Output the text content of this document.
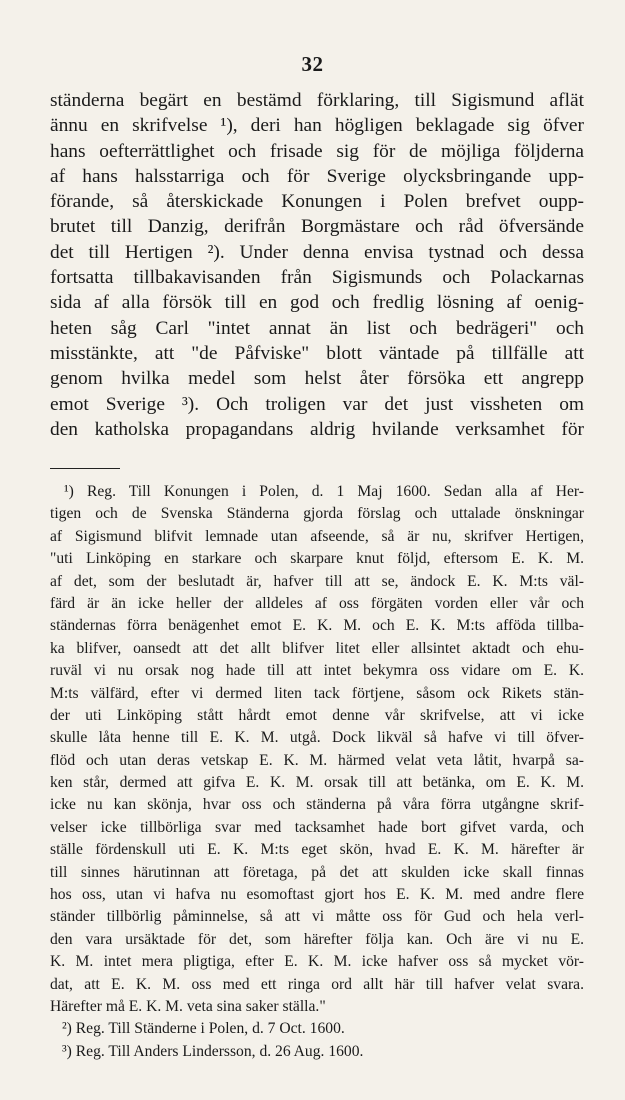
32
ständerna begärt en bestämd förklaring, till Sigismund aflät
ännu en skrifvelse ¹), deri han högligen beklagade sig öfver
hans oefterrättlighet och frisade sig för de möjliga följderna
af hans halsstarriga och för Sverige olycksbringande upp-
förande, så återskickade Konungen i Polen brefvet oupp-
brutet till Danzig, derifrån Borgmästare och råd öfversände
det till Hertigen ²). Under denna envisa tystnad och dessa
fortsatta tillbakavisanden från Sigismunds och Polackarnas
sida af alla försök till en god och fredlig lösning af oenig-
heten såg Carl "intet annat än list och bedrägeri" och
misstänkte, att "de Påfviske" blott väntade på tillfälle att
genom hvilka medel som helst åter försöka ett angrepp
emot Sverige ³). Och troligen var det just vissheten om
den katholska propagandans aldrig hvilande verksamhet för
¹) Reg. Till Konungen i Polen, d. 1 Maj 1600. Sedan alla af Her-
tigen och de Svenska Ständerna gjorda förslag och uttalade önskningar
af Sigismund blifvit lemnade utan afseende, så är nu, skrifver Hertigen,
"uti Linköping en starkare och skarpare knut följd, eftersom E. K. M.
af det, som der beslutadt är, hafver till att se, ändock E. K. M:ts väl-
färd är än icke heller der alldeles af oss förgäten vorden eller vår och
ständernas förra benägenhet emot E. K. M. och E. K. M:ts afföda tillba-
ka blifver, oansedt att det allt blifver litet eller allsintet aktadt och ehu-
ruväl vi nu orsak nog hade till att intet bekymra oss vidare om E. K.
M:ts välfärd, efter vi dermed liten tack förtjene, såsom ock Rikets stän-
der uti Linköping stått hårdt emot denne vår skrifvelse, att vi icke
skulle låta henne till E. K. M. utgå. Dock likväl så hafve vi till öfver-
flöd och utan deras vetskap E. K. M. härmed velat veta låtit, hvarpå sa-
ken står, dermed att gifva E. K. M. orsak till att betänka, om E. K. M.
icke nu kan skönja, hvar oss och ständerna på våra förra utgångne skrif-
velser icke tillbörliga svar med tacksamhet hade bort gifvet varda, och
ställe fördenskull uti E. K. M:ts eget skön, hvad E. K. M. härefter är
till sinnes härutinnan att företaga, på det att skulden icke skall finnas
hos oss, utan vi hafva nu esomoftast gjort hos E. K. M. med andre flere
ständer tillbörlig påminnelse, så att vi måtte oss för Gud och hela verl-
den vara ursäktade för det, som härefter följa kan. Och äre vi nu E.
K. M. intet mera pligtiga, efter E. K. M. icke hafver oss så mycket vör-
dat, att E. K. M. oss med ett ringa ord allt här till hafver velat svara.
Härefter må E. K. M. veta sina saker ställa."
²) Reg. Till Ständerne i Polen, d. 7 Oct. 1600.
³) Reg. Till Anders Lindersson, d. 26 Aug. 1600.
